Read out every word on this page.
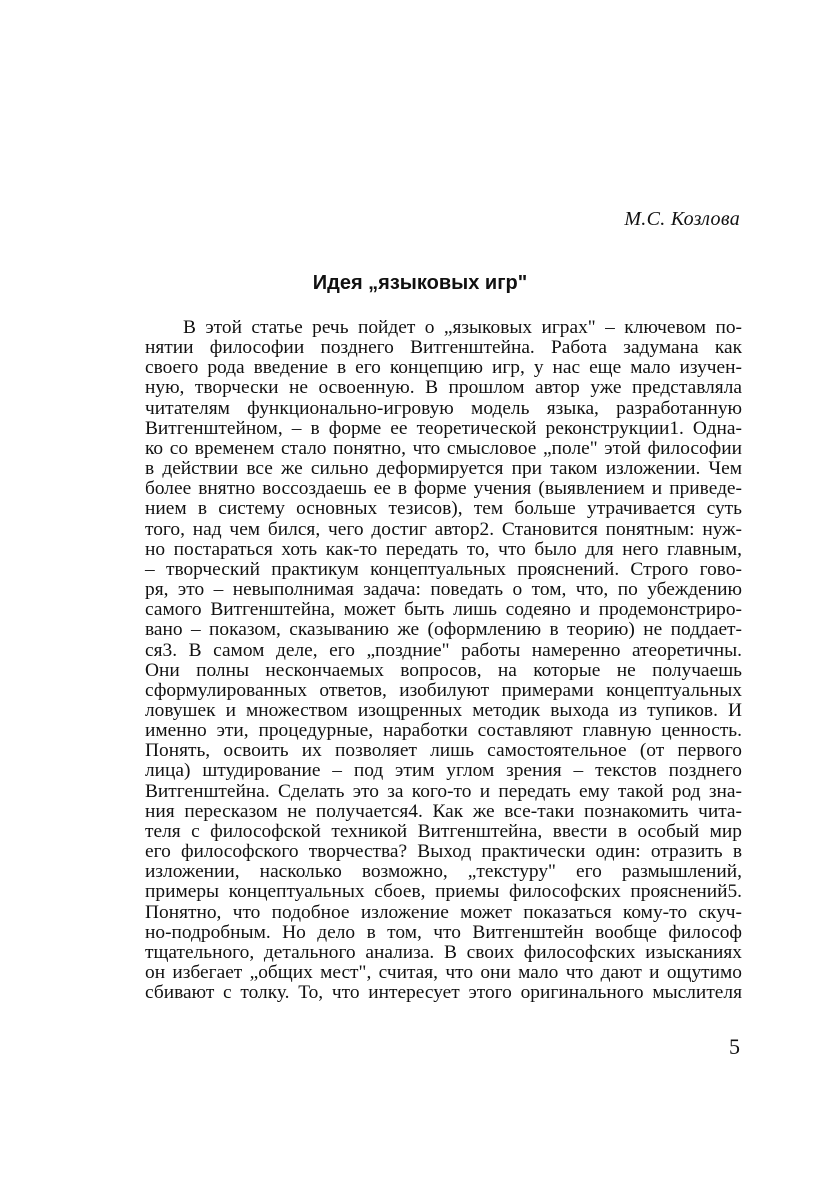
М.С. Козлова
Идея „языковых игр"
В этой статье речь пойдет о „языковых играх" – ключевом по-
нятии философии позднего Витгенштейна. Работа задумана как
своего рода введение в его концепцию игр, у нас еще мало изучен-
ную, творчески не освоенную. В прошлом автор уже представляла
читателям функционально-игровую модель языка, разработанную
Витгенштейном, – в форме ее теоретической реконструкции1. Одна-
ко со временем стало понятно, что смысловое „поле" этой философии
в действии все же сильно деформируется при таком изложении. Чем
более внятно воссоздаешь ее в форме учения (выявлением и приведе-
нием в систему основных тезисов), тем больше утрачивается суть
того, над чем бился, чего достиг автор2. Становится понятным: нуж-
но постараться хоть как-то передать то, что было для него главным,
– творческий практикум концептуальных прояснений. Строго гово-
ря, это – невыполнимая задача: поведать о том, что, по убеждению
самого Витгенштейна, может быть лишь содеяно и продемонстриро-
вано – показом, сказыванию же (оформлению в теорию) не поддает-
ся3. В самом деле, его „поздние" работы намеренно атеоретичны.
Они полны нескончаемых вопросов, на которые не получаешь
сформулированных ответов, изобилуют примерами концептуальных
ловушек и множеством изощренных методик выхода из тупиков. И
именно эти, процедурные, наработки составляют главную ценность.
Понять, освоить их позволяет лишь самостоятельное (от первого
лица) штудирование – под этим углом зрения – текстов позднего
Витгенштейна. Сделать это за кого-то и передать ему такой род зна-
ния пересказом не получается4. Как же все-таки познакомить чита-
теля с философской техникой Витгенштейна, ввести в особый мир
его философского творчества? Выход практически один: отразить в
изложении, насколько возможно, „текстуру" его размышлений,
примеры концептуальных сбоев, приемы философских прояснений5.
Понятно, что подобное изложение может показаться кому-то скуч-
но-подробным. Но дело в том, что Витгенштейн вообще философ
тщательного, детального анализа. В своих философских изысканиях
он избегает „общих мест", считая, что они мало что дают и ощутимо
сбивают с толку. То, что интересует этого оригинального мыслителя
5
